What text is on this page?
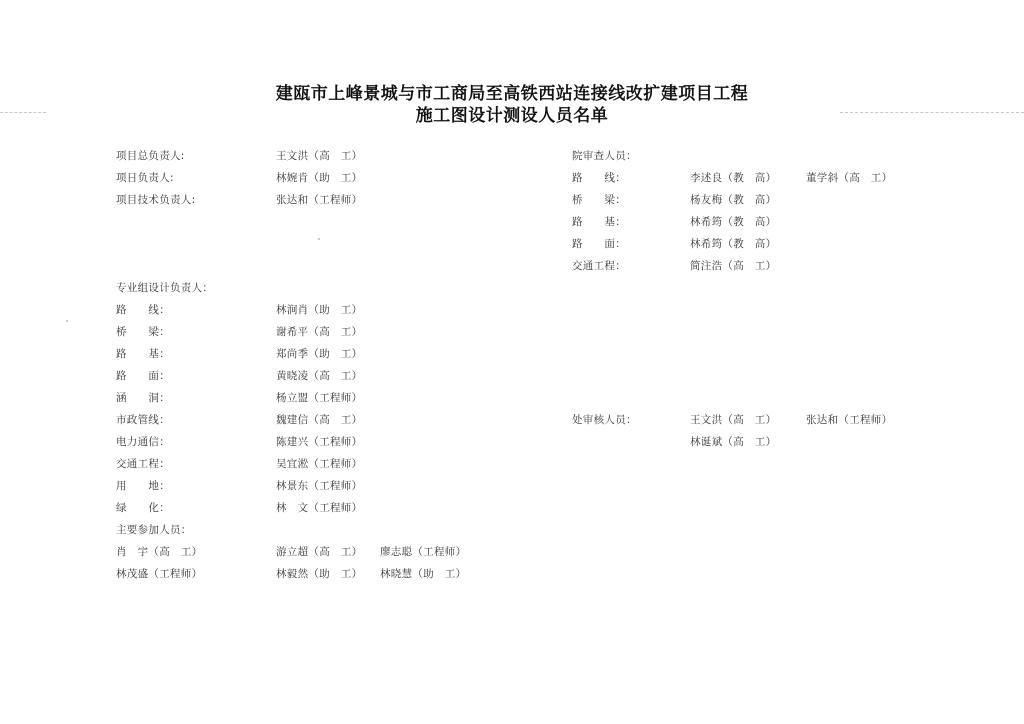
建瓯市上峰景城与市工商局至高铁西站连接线改扩建项目工程
施工图设计测设人员名单
项目总负责人:	王文洪（高　工）
项日负责人:	林婉肯（助　工）
项目技术负责人:	张达和（工程师）
院审查人员：
路　　线：	李述良（教　高）	董学斜（高　工）
桥　　梁：	杨友梅（教　高）
路　　基：	林希筠（教　高）
路　　面：	林希筠（教　高）
交通工程：	简注浩（高　工）
专业组设计负责人：
路　　线：	林涧肖（助　工）
桥　　梁：	谢希平（高　工）
路　　基：	郑尚季（助　工）
路　　面：	黄晓凌（高　工）
涵　　洞：	杨立盟（工程师）
市政管线：	魏建信（高　工）
电力通信：	陈建兴（工程师）
交通工程：	吴宜淞（工程师）
用　　地：	林景东（工程师）
绿　　化：	林　文（工程师）
处审核人员：	王文洪（高　工）	张达和（工程师）
林诞斌（高　工）
主要参加人员：
肖　宇（高　工）	游立超（高　工） 廖志聪（工程师）
林茂盛（工程师）	林毅然（助　工） 林晓慧（助　工）
